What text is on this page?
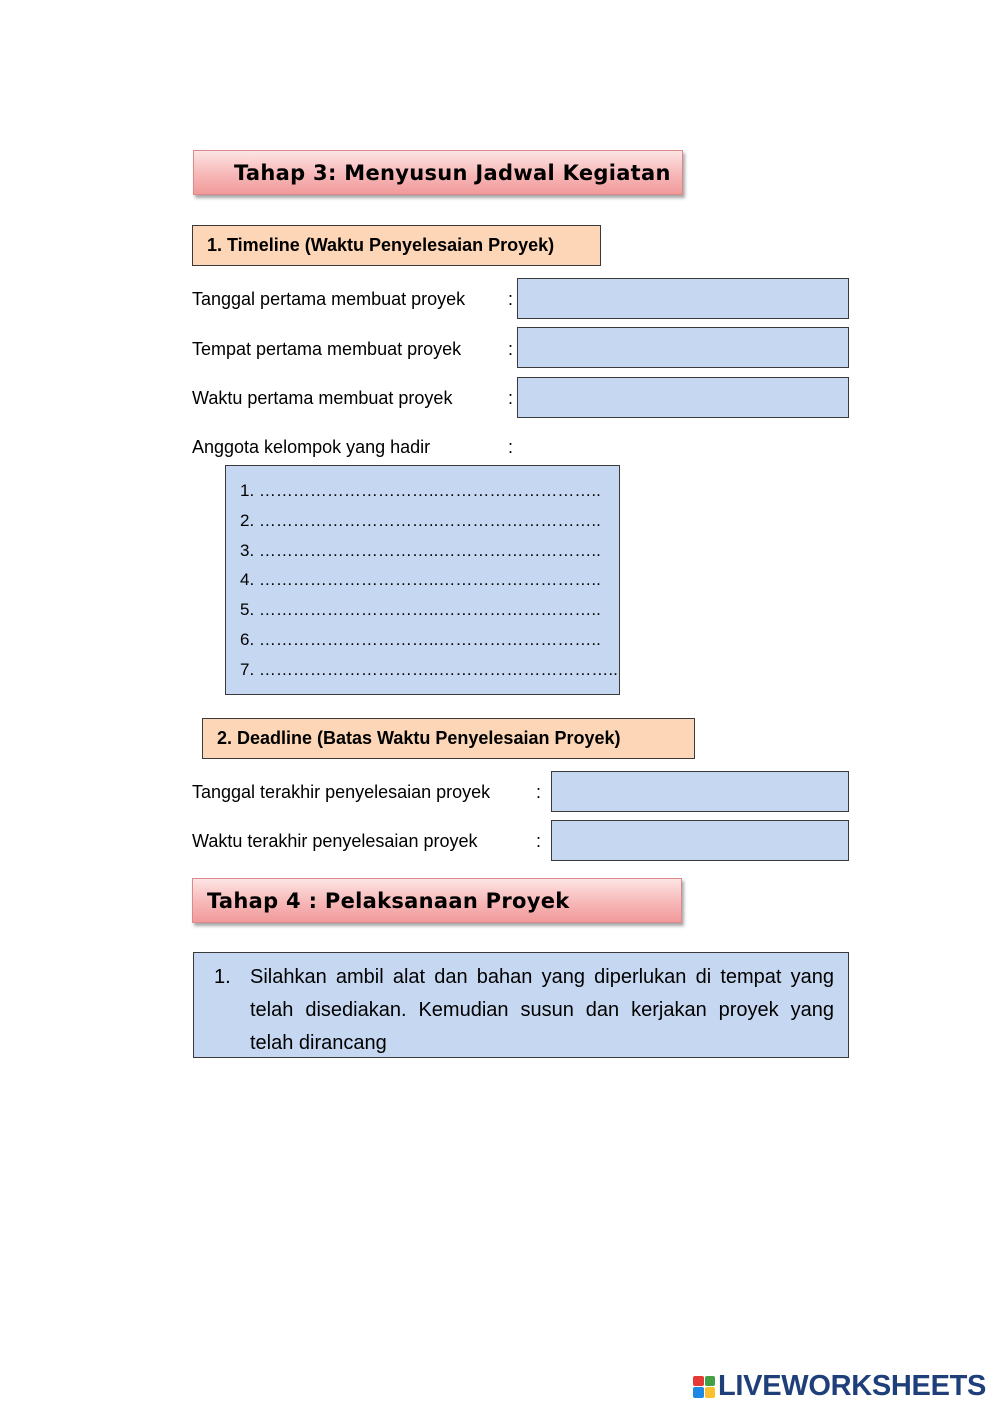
Tahap 3: Menyusun Jadwal Kegiatan
1. Timeline (Waktu Penyelesaian Proyek)
Tanggal pertama membuat proyek :
Tempat pertama membuat proyek	:
Waktu pertama membuat proyek	:
Anggota kelompok yang hadir	:
1. …………………………..………………………..
2. …………………………..………………………..
3. …………………………..………………………..
4. …………………………..………………………..
5. …………………………..………………………..
6. …………………………..………………………..
7. …………………………..…………………………..
2. Deadline (Batas Waktu Penyelesaian Proyek)
Tanggal terakhir penyelesaian proyek	:
Waktu terakhir penyelesaian proyek	:
Tahap 4 : Pelaksanaan Proyek
1. Silahkan ambil alat dan bahan yang diperlukan di tempat yang telah disediakan. Kemudian susun dan kerjakan proyek yang telah dirancang
LIVEWORKSHEETS
